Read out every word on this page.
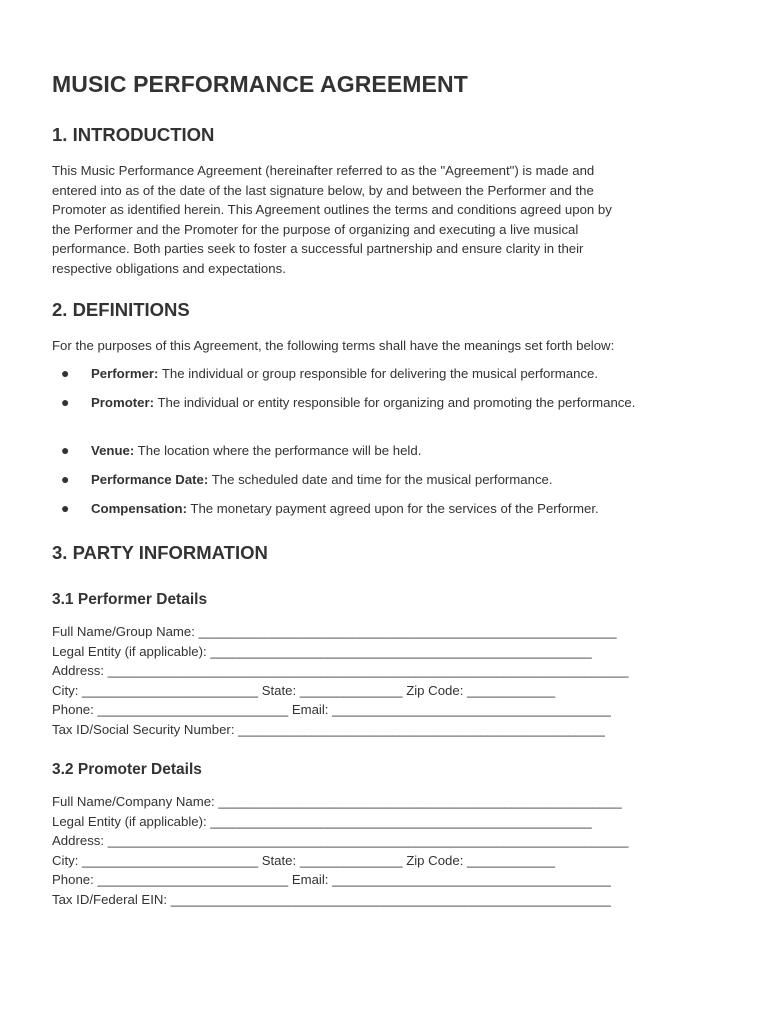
MUSIC PERFORMANCE AGREEMENT
1. INTRODUCTION

This Music Performance Agreement (hereinafter referred to as the "Agreement") is made and
entered into as of the date of the last signature below, by and between the Performer and the
Promoter as identified herein. This Agreement outlines the terms and conditions agreed upon by
the Performer and the Promoter for the purpose of organizing and executing a live musical
performance. Both parties seek to foster a successful partnership and ensure clarity in their
respective obligations and expectations.

2. DEFINITIONS

For the purposes of this Agreement, the following terms shall have the meanings set forth below:

● Performer: The individual or group responsible for delivering the musical performance.
● Promoter: The individual or entity responsible for organizing and promoting the performance.
● Venue: The location where the performance will be held.
● Performance Date: The scheduled date and time for the musical performance.
● Compensation: The monetary payment agreed upon for the services of the Performer.
3. PARTY INFORMATION
3.1 Performer Details
Full Name/Group Name: _________________________________________________________
Legal Entity (if applicable): ____________________________________________________
Address: _______________________________________________________________________
City: ________________________ State: ______________ Zip Code: ____________
Phone: __________________________ Email: ______________________________________
Tax ID/Social Security Number: __________________________________________________
3.2 Promoter Details
Full Name/Company Name: _______________________________________________________
Legal Entity (if applicable): ____________________________________________________
Address: _______________________________________________________________________
City: ________________________ State: ______________ Zip Code: ____________
Phone: __________________________ Email: ______________________________________
Tax ID/Federal EIN: ____________________________________________________________
